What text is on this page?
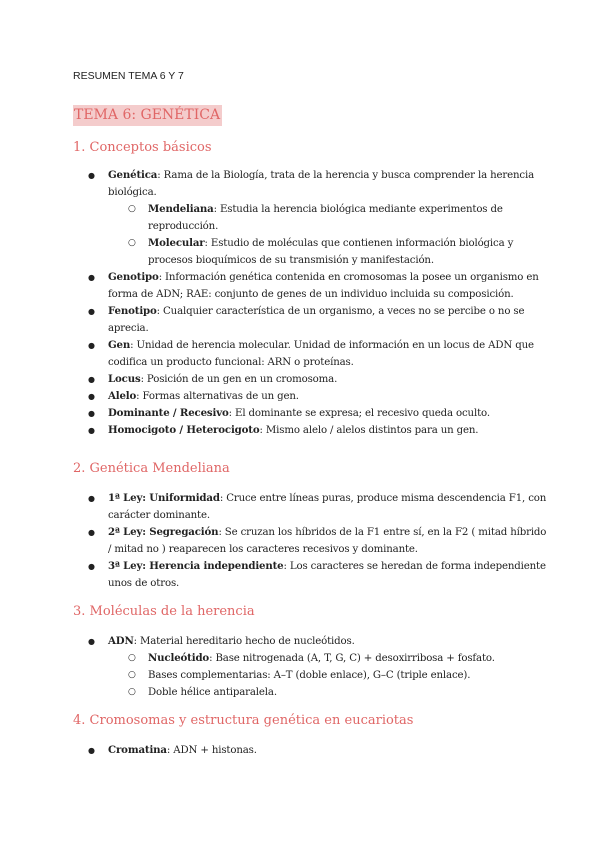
RESUMEN TEMA 6 Y 7
TEMA 6: GENÉTICA
1. Conceptos básicos
● Genética: Rama de la Biología, trata de la herencia y busca comprender la herencia biológica.
○ Mendeliana: Estudia la herencia biológica mediante experimentos de reproducción.
○ Molecular: Estudio de moléculas que contienen información biológica y procesos bioquímicos de su transmisión y manifestación.
● Genotipo: Información genética contenida en cromosomas la posee un organismo en forma de ADN; RAE: conjunto de genes de un individuo incluida su composición.
● Fenotipo: Cualquier característica de un organismo, a veces no se percibe o no se aprecia.
● Gen: Unidad de herencia molecular. Unidad de información en un locus de ADN que codifica un producto funcional: ARN o proteínas.
● Locus: Posición de un gen en un cromosoma.
● Alelo: Formas alternativas de un gen.
● Dominante / Recesivo: El dominante se expresa; el recesivo queda oculto.
● Homocigoto / Heterocigoto: Mismo alelo / alelos distintos para un gen.
2. Genética Mendeliana
● 1ª Ley: Uniformidad: Cruce entre líneas puras, produce misma descendencia F1, con carácter dominante.
● 2ª Ley: Segregación: Se cruzan los híbridos de la F1 entre sí, en la F2 ( mitad híbrido / mitad no ) reaparecen los caracteres recesivos y dominante.
● 3ª Ley: Herencia independiente: Los caracteres se heredan de forma independiente unos de otros.
3. Moléculas de la herencia
● ADN: Material hereditario hecho de nucleótidos.
○ Nucleótido: Base nitrogenada (A, T, G, C) + desoxirribosa + fosfato.
○ Bases complementarias: A–T (doble enlace), G–C (triple enlace).
○ Doble hélice antiparalela.
4. Cromosomas y estructura genética en eucariotas
● Cromatina: ADN + histonas.
